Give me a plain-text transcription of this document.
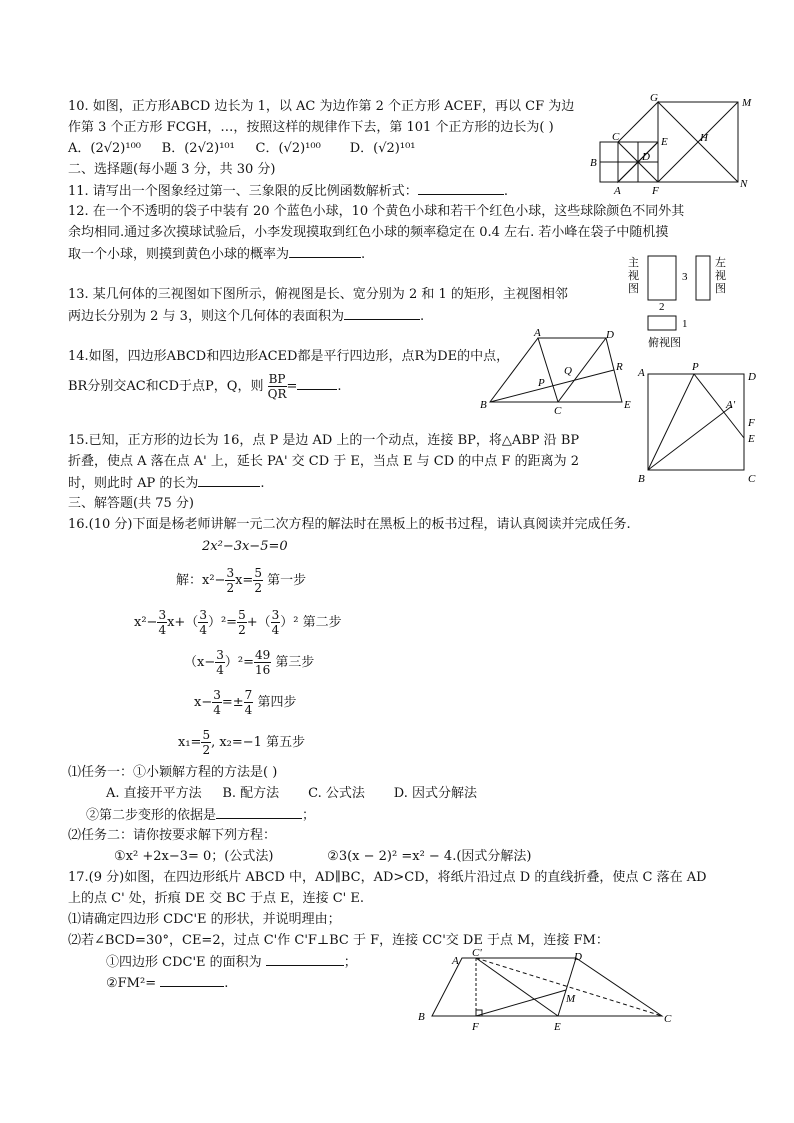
10. 如图，正方形ABCD 边长为 1，以 AC 为边作第 2 个正方形 ACEF，再以 CF 为边
作第 3 个正方形 FCGH，…，按照这样的规律作下去，第 101 个正方形的边长为( )
A．(2√2)¹⁰⁰ B．(2√2)¹⁰¹ C．(√2)¹⁰⁰ D．(√2)¹⁰¹
G	M
C	E	H
B	D
A	F
N
二、选择题(每小题 3 分，共 30 分)
11. 请写出一个图象经过第一、三象限的反比例函数解析式：	.
12. 在一个不透明的袋子中装有 20 个蓝色小球，10 个黄色小球和若干个红色小球，这些球除颜色不同外其
余均相同.通过多次摸球试验后，小李发现摸取到红色小球的频率稳定在 0.4 左右. 若小峰在袋子中随机摸
取一个小球，则摸到黄色小球的概率为	.
13. 某几何体的三视图如下图所示，俯视图是长、宽分别为 2 和 1 的矩形，主视图相邻
两边长分别为 2 与 3，则这个几何体的表面积为	.
主
视
图
左
视
图
3
2
1
俯视图
14.如图，四边形ABCD和四边形ACED都是平行四边形，点R为DE的中点，
BR分别交AC和CD于点P，Q，则 $\frac{BP}{QR}$ =	.
A	D
R
P
Q
B	C	E
15.已知，正方形的边长为 16，点 P 是边 AD 上的一个动点，连接 BP，将△ABP 沿 BP
折叠，使点 A 落在点 A' 上，延长 PA' 交 CD 于 E，当点 E 与 CD 的中点 F 的距离为 2
时，则此时 AP 的长为	.
A	P
D
A'
F
E
B	C
三、解答题(共 75 分)
16.(10 分)下面是杨老师讲解一元二次方程的解法时在黑板上的板书过程，请认真阅读并完成任务.
2x²−3x−5=0
解：$x^2- \frac{3}{2} x= \frac{5}{2}$ 第一步
$x^2- \frac{3}{4} x+( \frac{3}{4} )^2= \frac{5}{2}$ +（ $\frac{3}{4} )^2$ 第二步
$(x- \frac{3}{4} )^2= \frac{49}{16}$ 第三步
$x- \frac{3}{4} =\pm \frac{7}{4}$ 第四步
$x_1= \frac{5}{2}$ , x₂=−1 第五步
⑴任务一：①小颖解方程的方法是( )
A. 直接开平方法 B. 配方法 C. 公式法 D. 因式分解法
②第二步变形的依据是	；
⑵任务二：请你按要求解下列方程：
①x² +2x−3= 0；(公式法)	②3(x − 2)² =x² − 4.(因式分解法)
17.(9 分)如图，在四边形纸片 ABCD 中，AD∥BC，AD>CD，将纸片沿过点 D 的直线折叠，使点 C 落在 AD
上的点 C' 处，折痕 DE 交 BC 于点 E，连接 C' E.
⑴请确定四边形 CDC'E 的形状，并说明理由；
⑵若∠BCD=30°，CE=2，过点 C'作 C'F⊥BC 于 F，连接 CC'交 DE 于点 M，连接 FM：
①四边形 CDC'E 的面积为	；
②FM²=	.
A
C'	D
M
B
F	E
C
